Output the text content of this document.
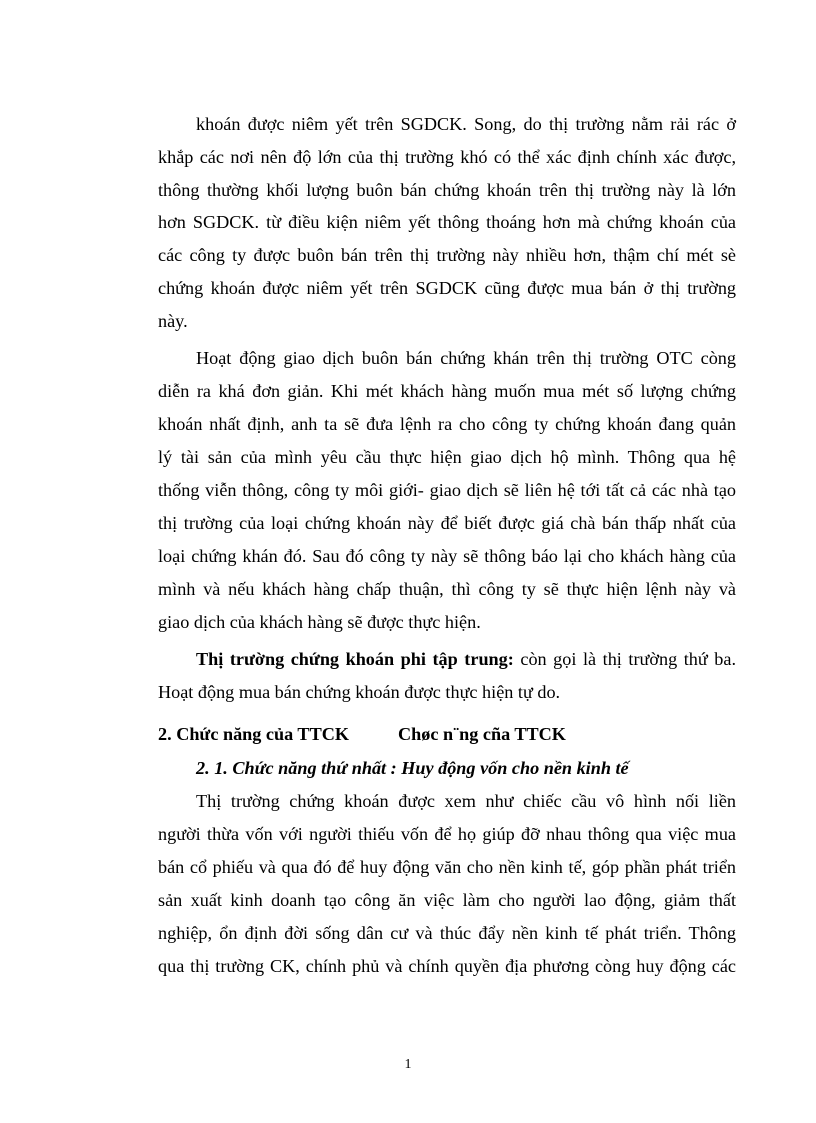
khoán được niêm yết trên SGDCK. Song, do thị trường nằm rải rác ở
khắp các nơi nên độ lớn của thị trường khó có thể xác định chính xác được,
thông thường khối lượng buôn bán chứng khoán trên thị trường này là lớn
hơn SGDCK. từ điều kiện niêm yết thông thoáng hơn mà chứng khoán của
các công ty được buôn bán trên thị trường này nhiều hơn, thậm chí mét sè
chứng khoán được niêm yết trên SGDCK cũng được mua bán ở thị trường
này.
Hoạt động giao dịch buôn bán chứng khán trên thị trường OTC còng
diễn ra khá đơn giản. Khi mét khách hàng muốn mua mét số lượng chứng
khoán nhất định, anh ta sẽ đưa lệnh ra cho công ty chứng khoán đang quản
lý tài sản của mình yêu cầu thực hiện giao dịch hộ mình. Thông qua hệ
thống viễn thông, công ty môi giới- giao dịch sẽ liên hệ tới tất cả các nhà tạo
thị trường của loại chứng khoán này để biết được giá chà bán thấp nhất của
loại chứng khán đó. Sau đó công ty này sẽ thông báo lại cho khách hàng của
mình và nếu khách hàng chấp thuận, thì công ty sẽ thực hiện lệnh này và
giao dịch của khách hàng sẽ được thực hiện.
Thị trường chứng khoán phi tập trung: còn gọi là thị trường thứ ba.
Hoạt động mua bán chứng khoán được thực hiện tự do.
2. Chức năng của TTCK	Chøc n¨ng cña TTCK
2. 1. Chức năng thứ nhất : Huy động vốn cho nền kinh tế
Thị trường chứng khoán được xem như chiếc cầu vô hình nối liền
người thừa vốn với người thiếu vốn để họ giúp đỡ nhau thông qua việc mua
bán cổ phiếu và qua đó để huy động văn cho nền kinh tế, góp phần phát triển
sản xuất kinh doanh tạo công ăn việc làm cho người lao động, giảm thất
nghiệp, ổn định đời sống dân cư và thúc đẩy nền kinh tế phát triển. Thông
qua thị trường CK, chính phủ và chính quyền địa phương còng huy động các
1
